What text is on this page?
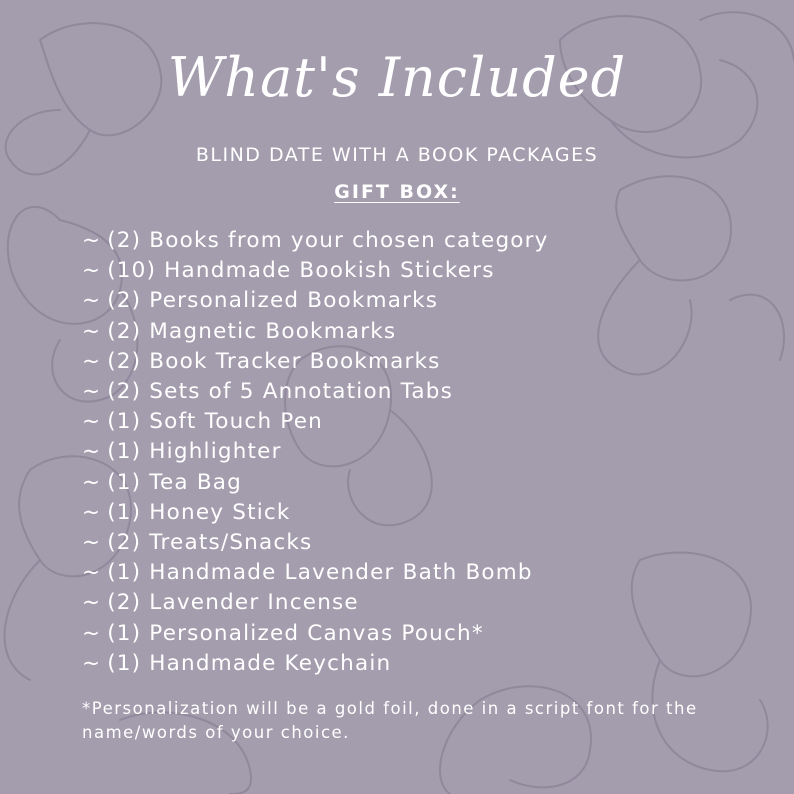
What's Included

BLIND DATE WITH A BOOK PACKAGES

GIFT BOX:

~ (2) Books from your chosen category
~ (10) Handmade Bookish Stickers
~ (2) Personalized Bookmarks
~ (2) Magnetic Bookmarks
~ (2) Book Tracker Bookmarks
~ (2) Sets of 5 Annotation Tabs
~ (1) Soft Touch Pen
~ (1) Highlighter
~ (1) Tea Bag
~ (1) Honey Stick
~ (2) Treats/Snacks
~ (1) Handmade Lavender Bath Bomb
~ (2) Lavender Incense
~ (1) Personalized Canvas Pouch*
~ (1) Handmade Keychain

*Personalization will be a gold foil, done in a script font for the name/words of your choice.
